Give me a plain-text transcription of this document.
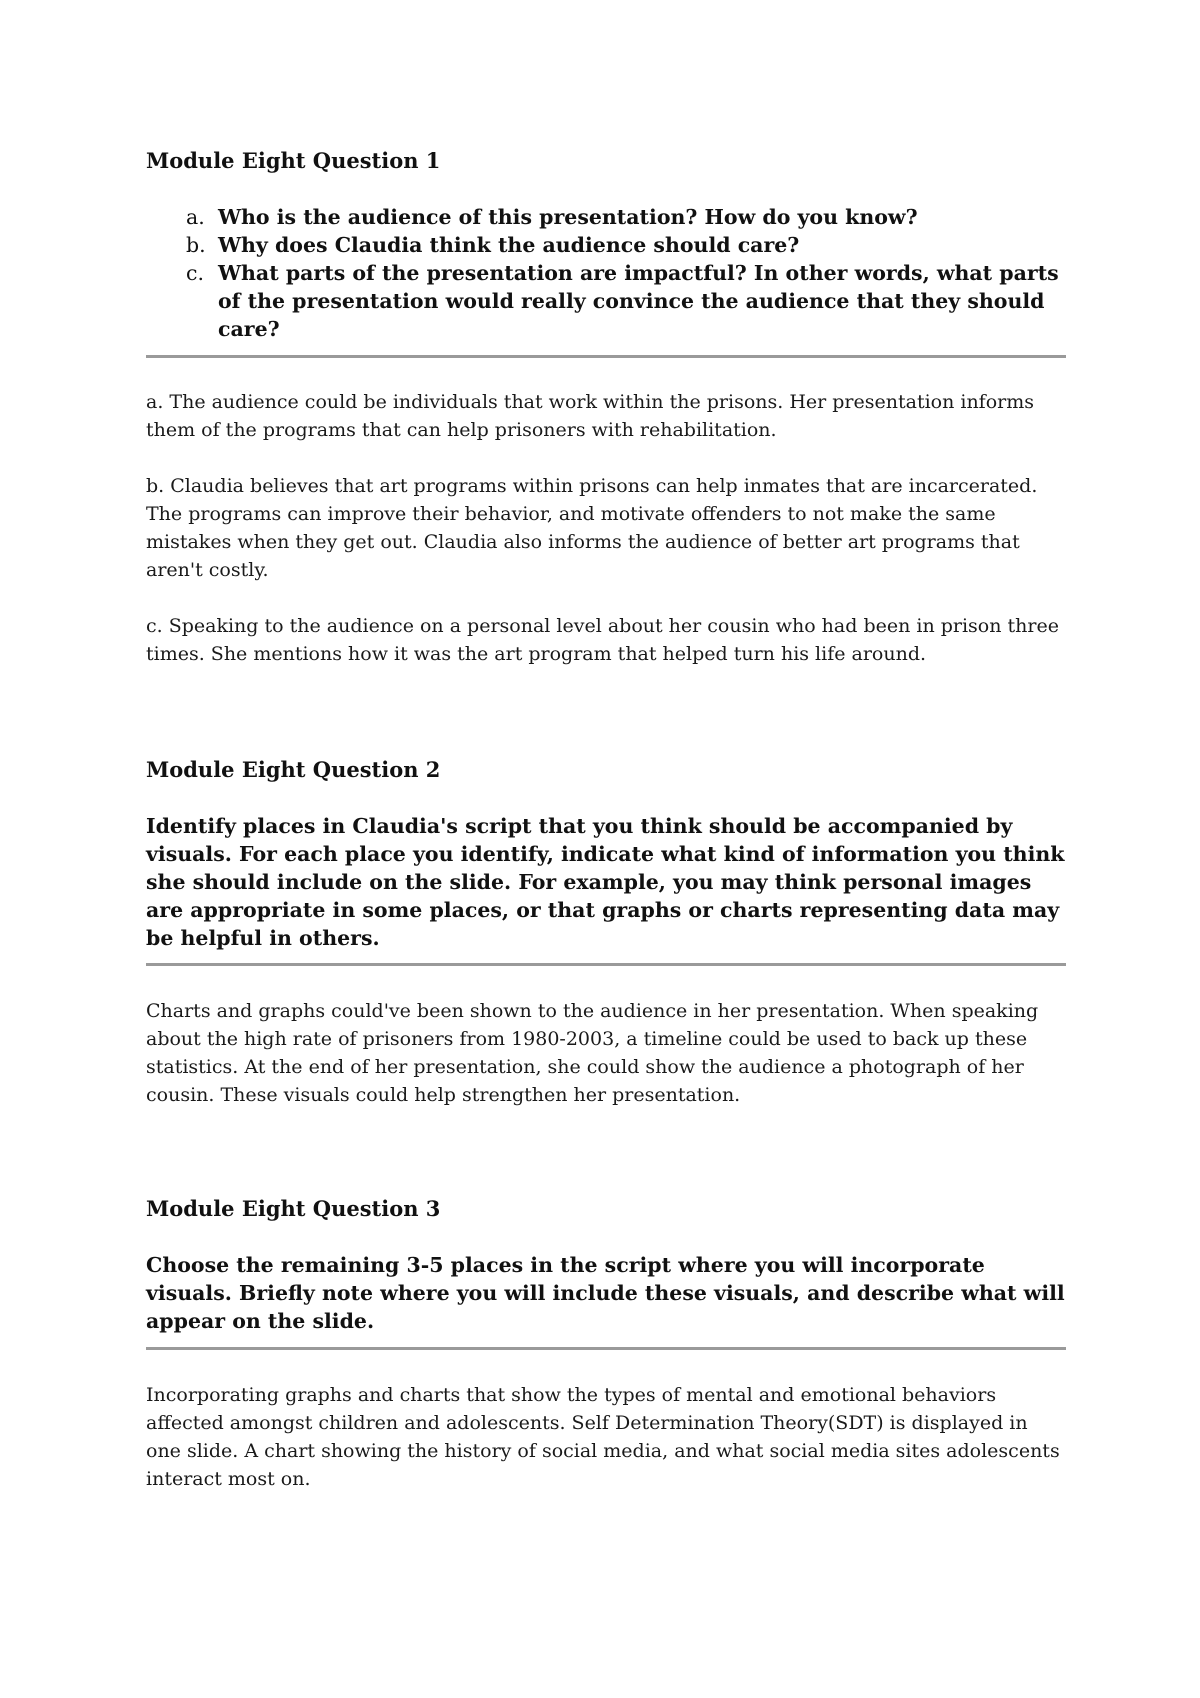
Module Eight Question 1

a. Who is the audience of this presentation? How do you know?
b. Why does Claudia think the audience should care?
c. What parts of the presentation are impactful? In other words, what parts of the presentation would really convince the audience that they should care?

a. The audience could be individuals that work within the prisons. Her presentation informs them of the programs that can help prisoners with rehabilitation.

b. Claudia believes that art programs within prisons can help inmates that are incarcerated. The programs can improve their behavior, and motivate offenders to not make the same mistakes when they get out. Claudia also informs the audience of better art programs that aren't costly.

c. Speaking to the audience on a personal level about her cousin who had been in prison three times. She mentions how it was the art program that helped turn his life around.

Module Eight Question 2

Identify places in Claudia's script that you think should be accompanied by visuals. For each place you identify, indicate what kind of information you think she should include on the slide. For example, you may think personal images are appropriate in some places, or that graphs or charts representing data may be helpful in others.

Charts and graphs could've been shown to the audience in her presentation. When speaking about the high rate of prisoners from 1980-2003, a timeline could be used to back up these statistics. At the end of her presentation, she could show the audience a photograph of her cousin. These visuals could help strengthen her presentation.

Module Eight Question 3

Choose the remaining 3-5 places in the script where you will incorporate visuals. Briefly note where you will include these visuals, and describe what will appear on the slide.

Incorporating graphs and charts that show the types of mental and emotional behaviors affected amongst children and adolescents. Self Determination Theory(SDT) is displayed in one slide. A chart showing the history of social media, and what social media sites adolescents interact most on.
